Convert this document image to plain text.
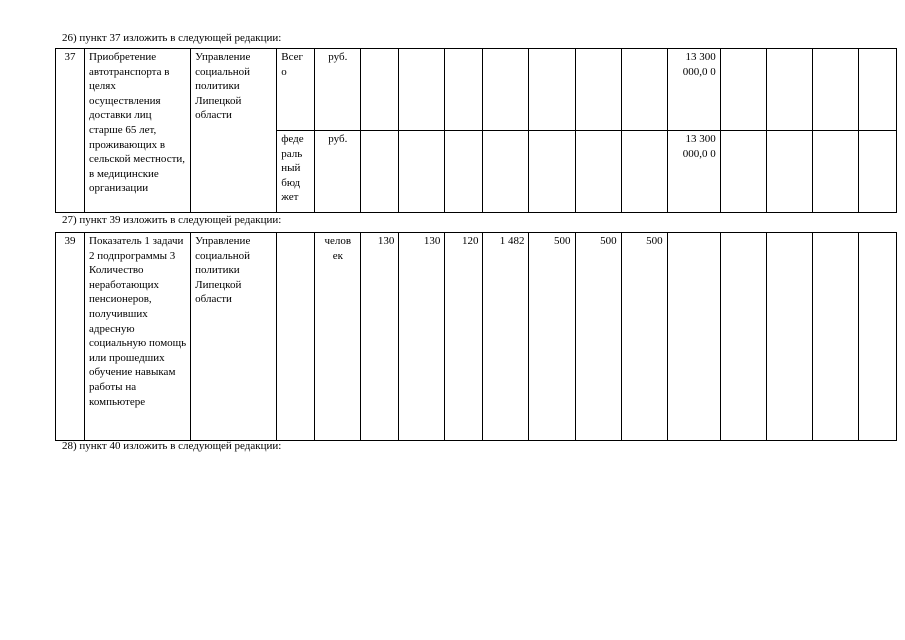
26) пункт 37 изложить в следующей редакции:
37	Приобретение автотранспорта в целях осуществления доставки лиц старше 65 лет, проживающих в сельской местности, в медицинские организации	Управление социальной политики Липецкой области	Всег о	руб.								13 300 000,0 0				
			феде раль ный бюд жет	руб.								13 300 000,0 0				
27) пункт 39 изложить в следующей редакции:
39	Показатель 1 задачи 2 подпрограммы 3 Количество неработающих пенсионеров, получивших адресную социальную помощь или прошедших обучение навыкам работы на компьютере	Управление социальной политики Липецкой области		челов ек	130	130	120	1 482	500	500	500					
28) пункт 40 изложить в следующей редакции:
